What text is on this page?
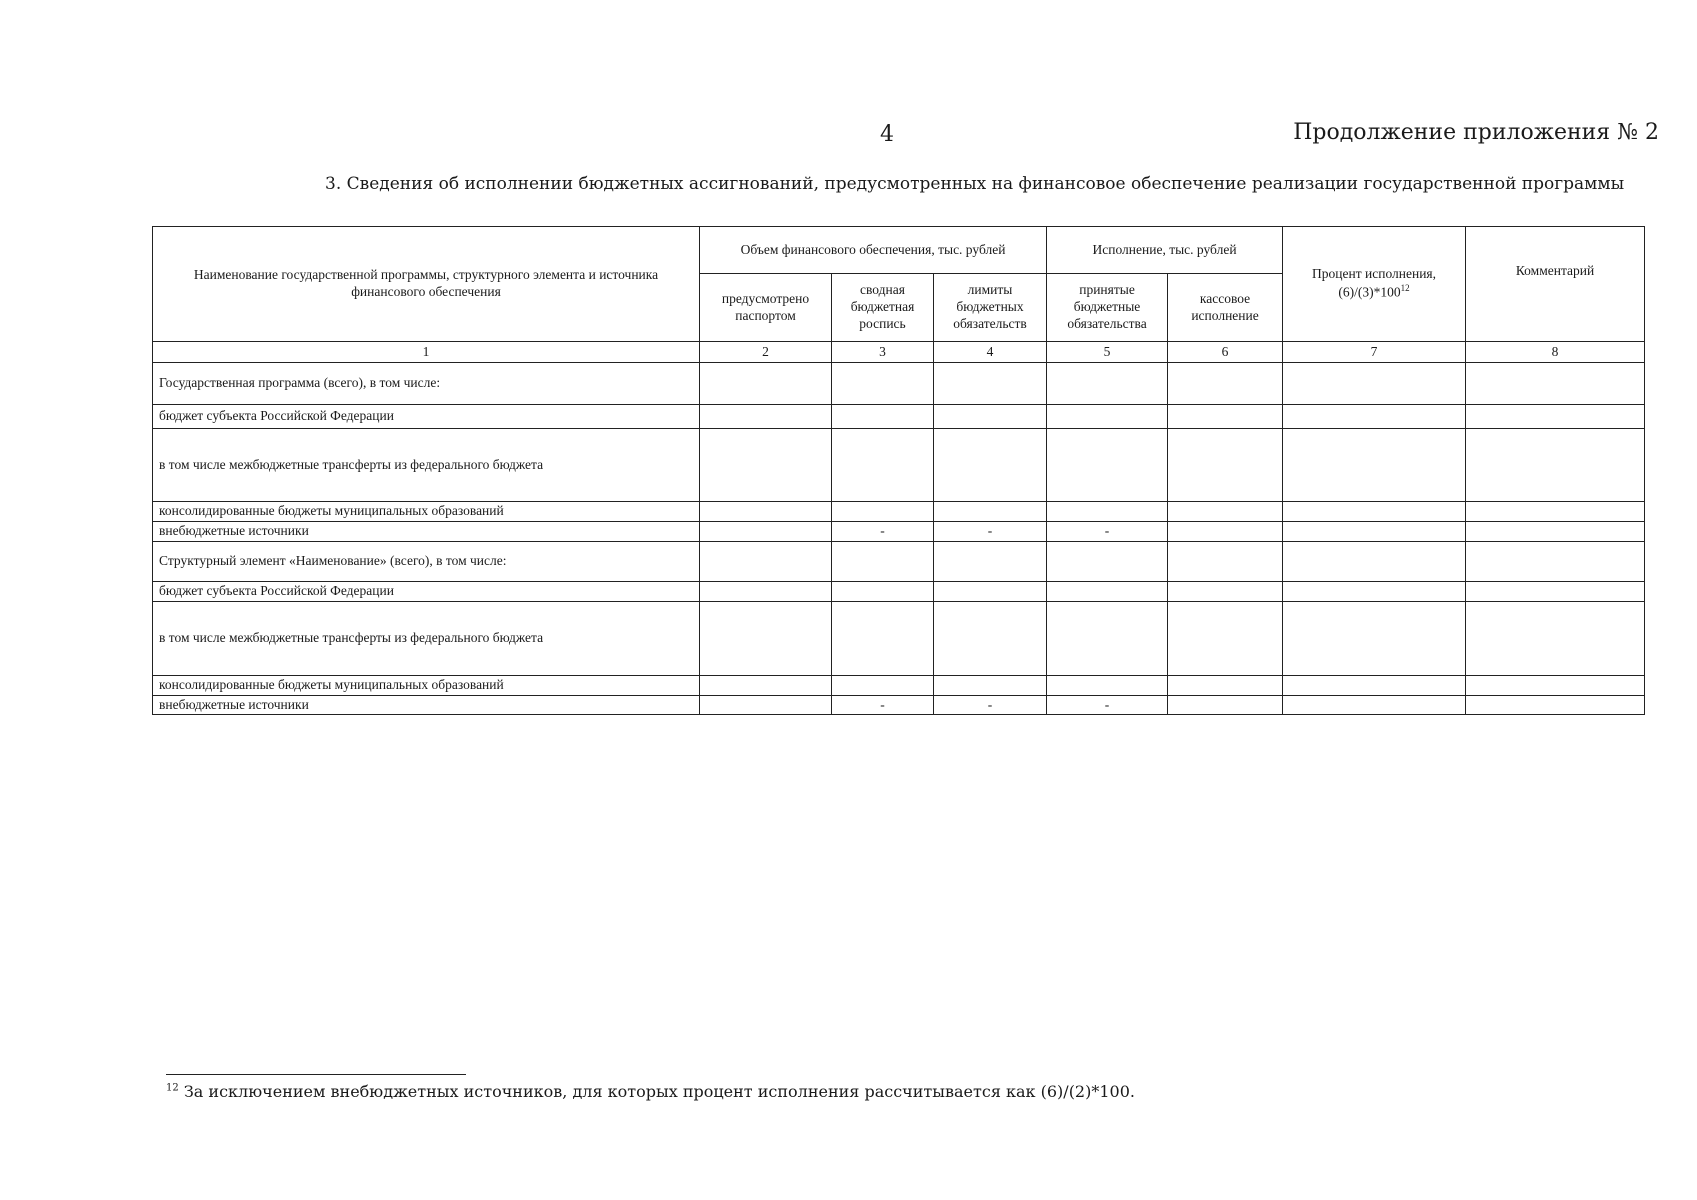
4	Продолжение приложения № 2
3. Сведения об исполнении бюджетных ассигнований, предусмотренных на финансовое обеспечение реализации государственной программы
Наименование государственной программы, структурного элемента и источника финансового обеспечения	Объем финансового обеспечения, тыс. рублей			Исполнение, тыс. рублей		Процент исполнения, $(6)/(3)*100^{12}$	Комментарий
	предусмотрено паспортом	сводная бюджетная роспись	лимиты бюджетных обязательств	принятые бюджетные обязательства	кассовое исполнение		
1	2	3	4	5	6	7	8
Государственная программа (всего), в том числе:							
бюджет субъекта Российской Федерации							
в том числе межбюджетные трансферты из федерального бюджета							
консолидированные бюджеты муниципальных образований							
внебюджетные источники		-	-	-			
Структурный элемент «Наименование» (всего), в том числе:							
бюджет субъекта Российской Федерации							
в том числе межбюджетные трансферты из федерального бюджета							
консолидированные бюджеты муниципальных образований							
внебюджетные источники		-	-	-			
$^{12}$ За исключением внебюджетных источников, для которых процент исполнения рассчитывается как (6)/(2)*100.
